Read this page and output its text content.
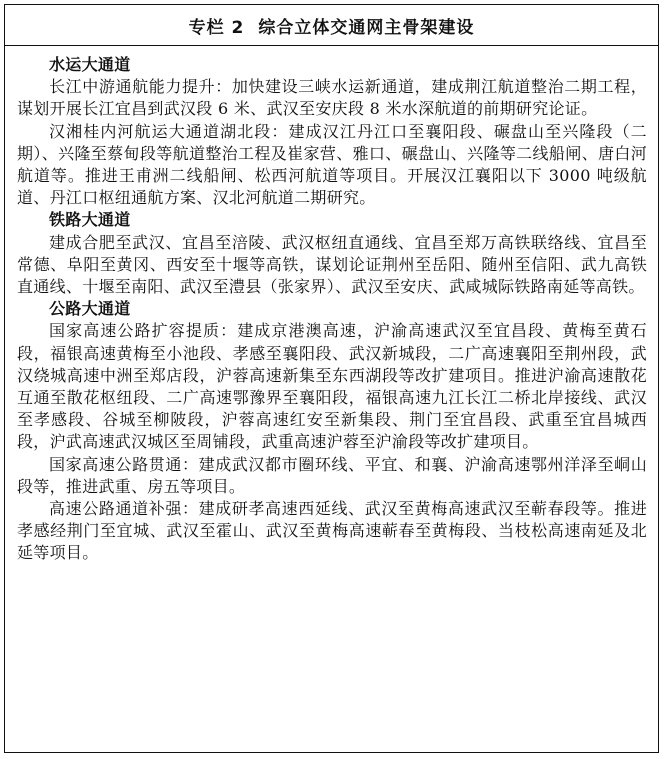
专栏 2 综合立体交通网主骨架建设

水运大通道

长江中游通航能力提升：加快建设三峡水运新通道，建成荆江航道整治二期工程，谋划开展长江宜昌到武汉段 6 米、武汉至安庆段 8 米水深航道的前期研究论证。

汉湘桂内河航运大通道湖北段：建成汉江丹江口至襄阳段、碾盘山至兴隆段（二期）、兴隆至蔡甸段等航道整治工程及崔家营、雅口、碾盘山、兴隆等二线船闸、唐白河航道等。推进王甫洲二线船闸、松西河航道等项目。开展汉江襄阳以下 3000 吨级航道、丹江口枢纽通航方案、汉北河航道二期研究。

铁路大通道

建成合肥至武汉、宜昌至涪陵、武汉枢纽直通线、宜昌至郑万高铁联络线、宜昌至常德、阜阳至黄冈、西安至十堰等高铁，谋划论证荆州至岳阳、随州至信阳、武九高铁直通线、十堰至南阳、武汉至澧县（张家界）、武汉至安庆、武咸城际铁路南延等高铁。

公路大通道

国家高速公路扩容提质：建成京港澳高速，沪渝高速武汉至宜昌段、黄梅至黄石段，福银高速黄梅至小池段、孝感至襄阳段、武汉新城段，二广高速襄阳至荆州段，武汉绕城高速中洲至郑店段，沪蓉高速新集至东西湖段等改扩建项目。推进沪渝高速散花互通至散花枢纽段、二广高速鄂豫界至襄阳段，福银高速九江长江二桥北岸接线、武汉至孝感段、谷城至柳陂段，沪蓉高速红安至新集段、荆门至宜昌段、武重至宜昌城西段，沪武高速武汉城区至周铺段，武重高速沪蓉至沪渝段等改扩建项目。

国家高速公路贯通：建成武汉都市圈环线、平宜、和襄、沪渝高速鄂州洋泽至峒山段等，推进武重、房五等项目。

高速公路通道补强：建成研孝高速西延线、武汉至黄梅高速武汉至蕲春段等。推进孝感经荆门至宜城、武汉至霍山、武汉至黄梅高速蕲春至黄梅段、当枝松高速南延及北延等项目。
